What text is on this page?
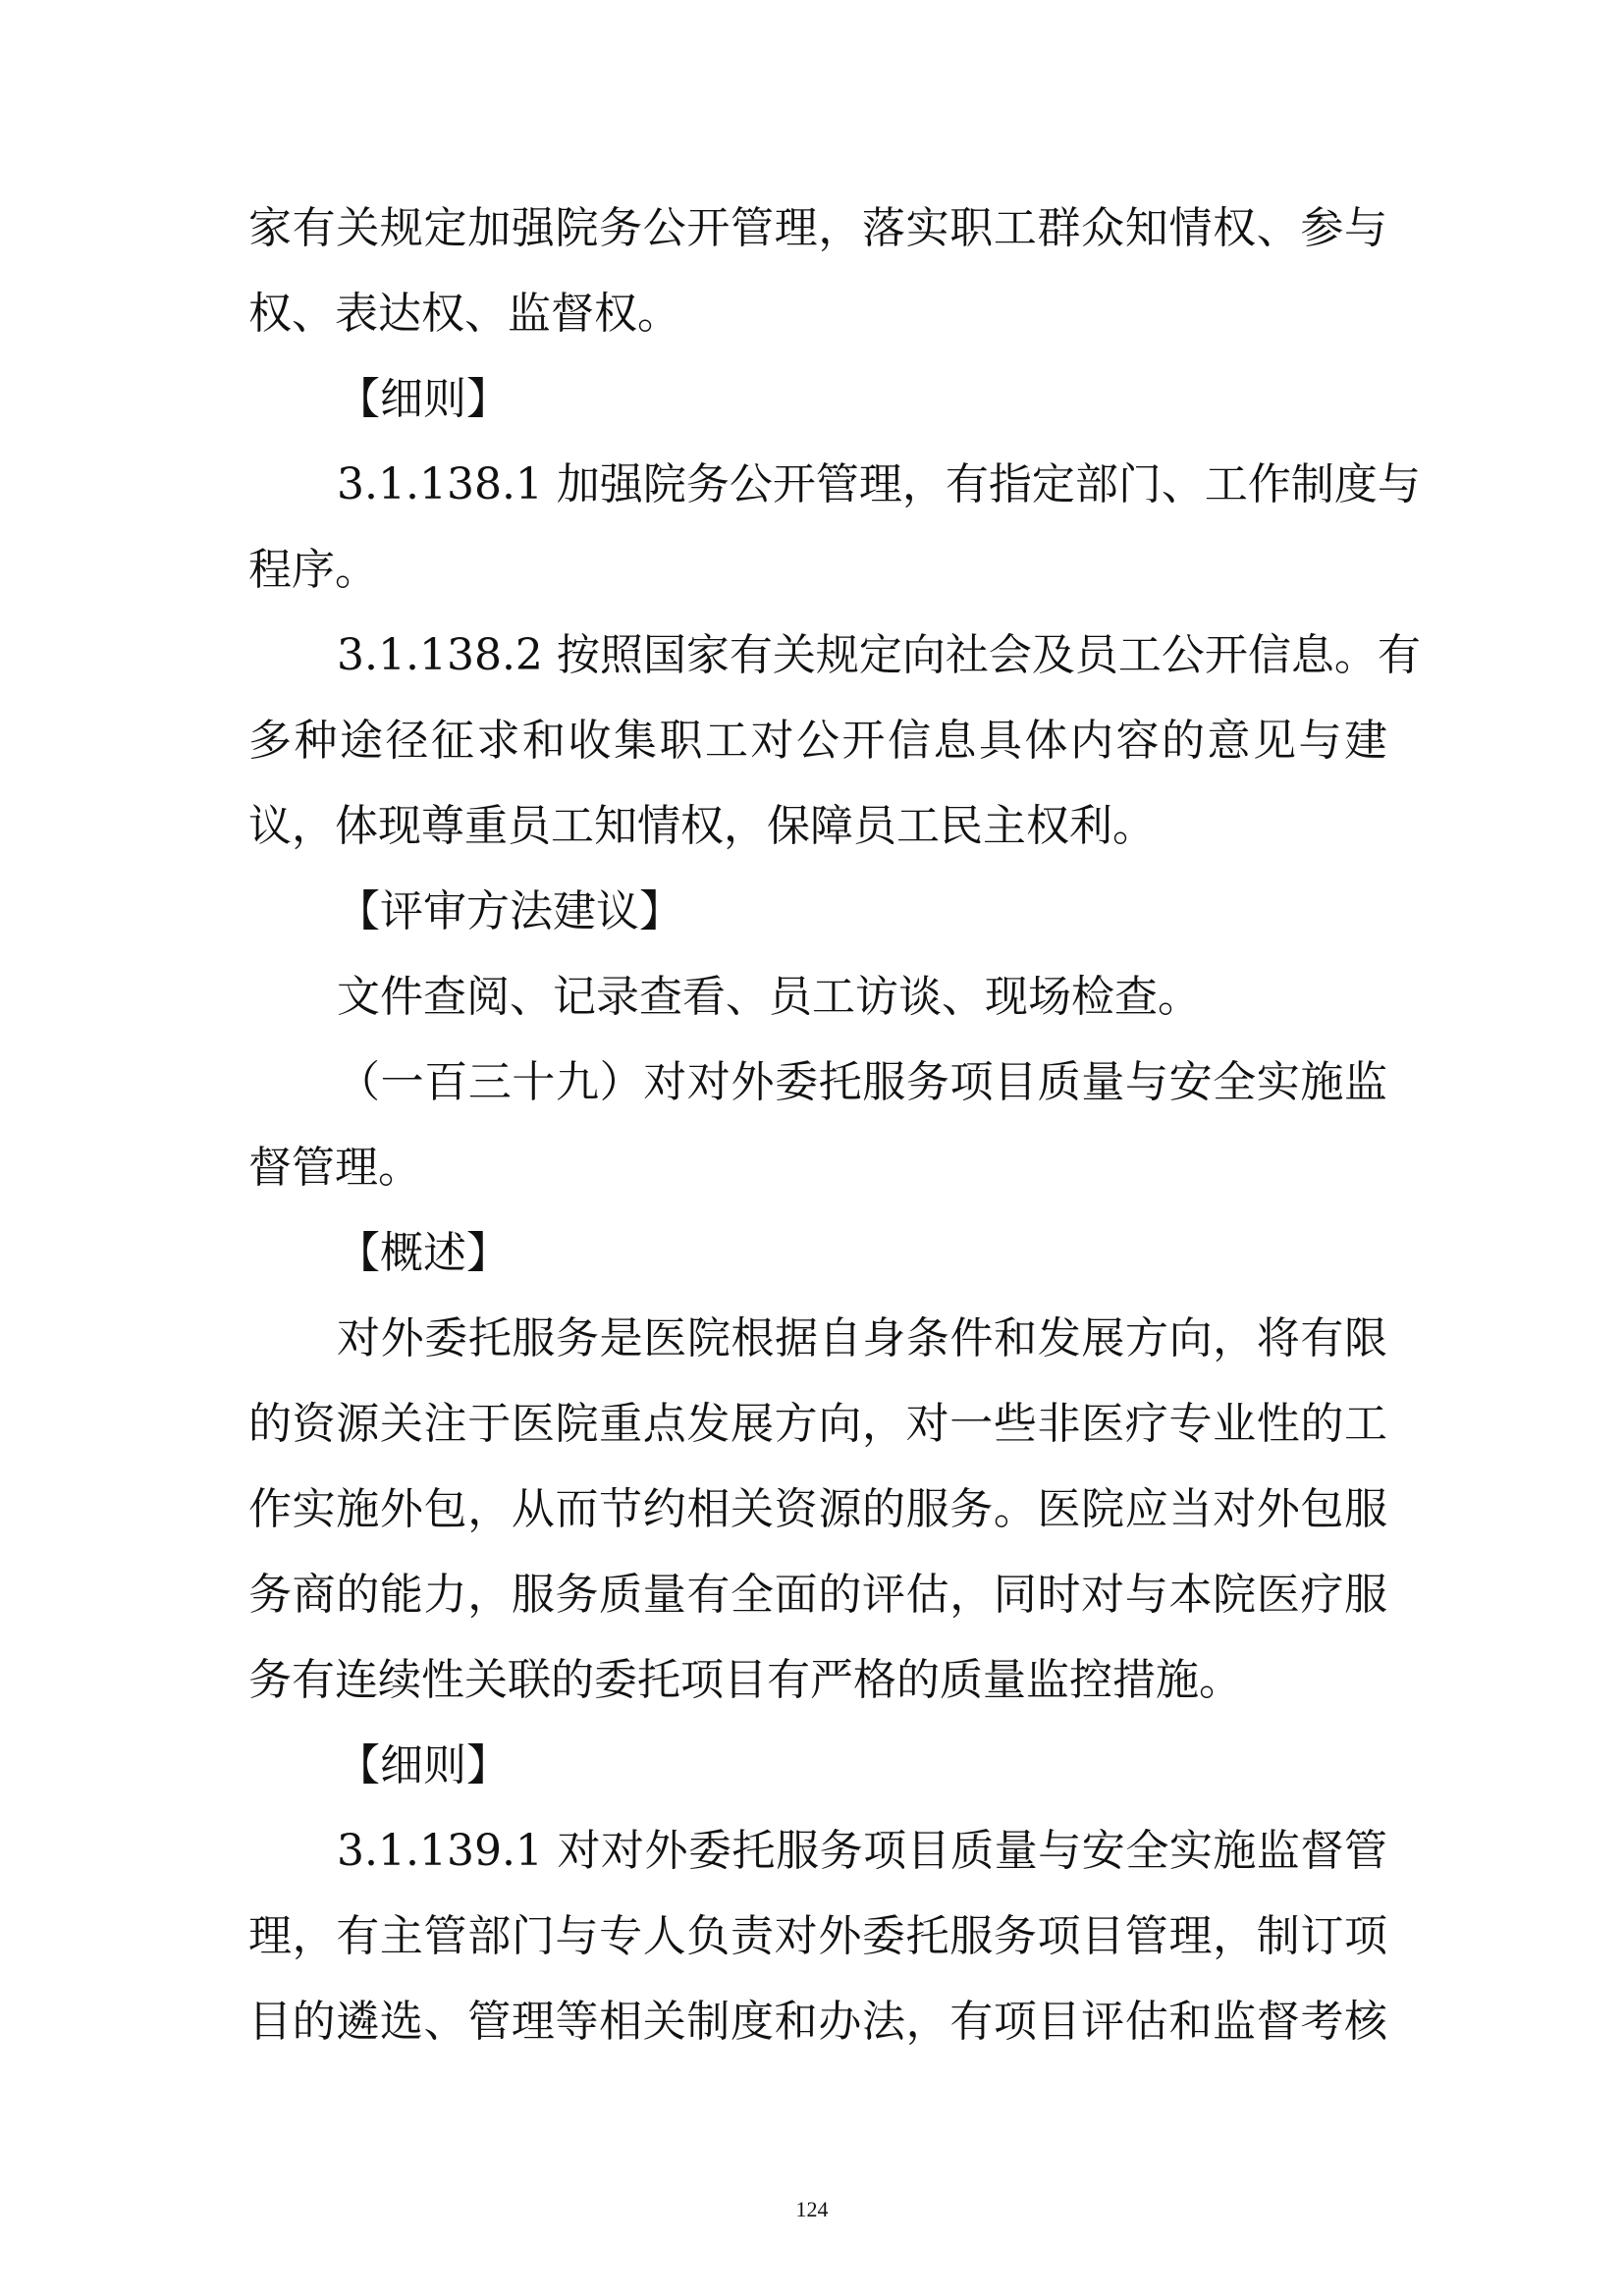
家有关规定加强院务公开管理，落实职工群众知情权、参与
权、表达权、监督权。
【细则】
3.1.138.1 加强院务公开管理，有指定部门、工作制度与
程序。
3.1.138.2 按照国家有关规定向社会及员工公开信息。有
多种途径征求和收集职工对公开信息具体内容的意见与建
议，体现尊重员工知情权，保障员工民主权利。
【评审方法建议】
文件查阅、记录查看、员工访谈、现场检查。
（一百三十九）对对外委托服务项目质量与安全实施监
督管理。
【概述】
对外委托服务是医院根据自身条件和发展方向，将有限
的资源关注于医院重点发展方向，对一些非医疗专业性的工
作实施外包，从而节约相关资源的服务。医院应当对外包服
务商的能力，服务质量有全面的评估，同时对与本院医疗服
务有连续性关联的委托项目有严格的质量监控措施。
【细则】
3.1.139.1 对对外委托服务项目质量与安全实施监督管
理，有主管部门与专人负责对外委托服务项目管理，制订项
目的遴选、管理等相关制度和办法，有项目评估和监督考核
124
